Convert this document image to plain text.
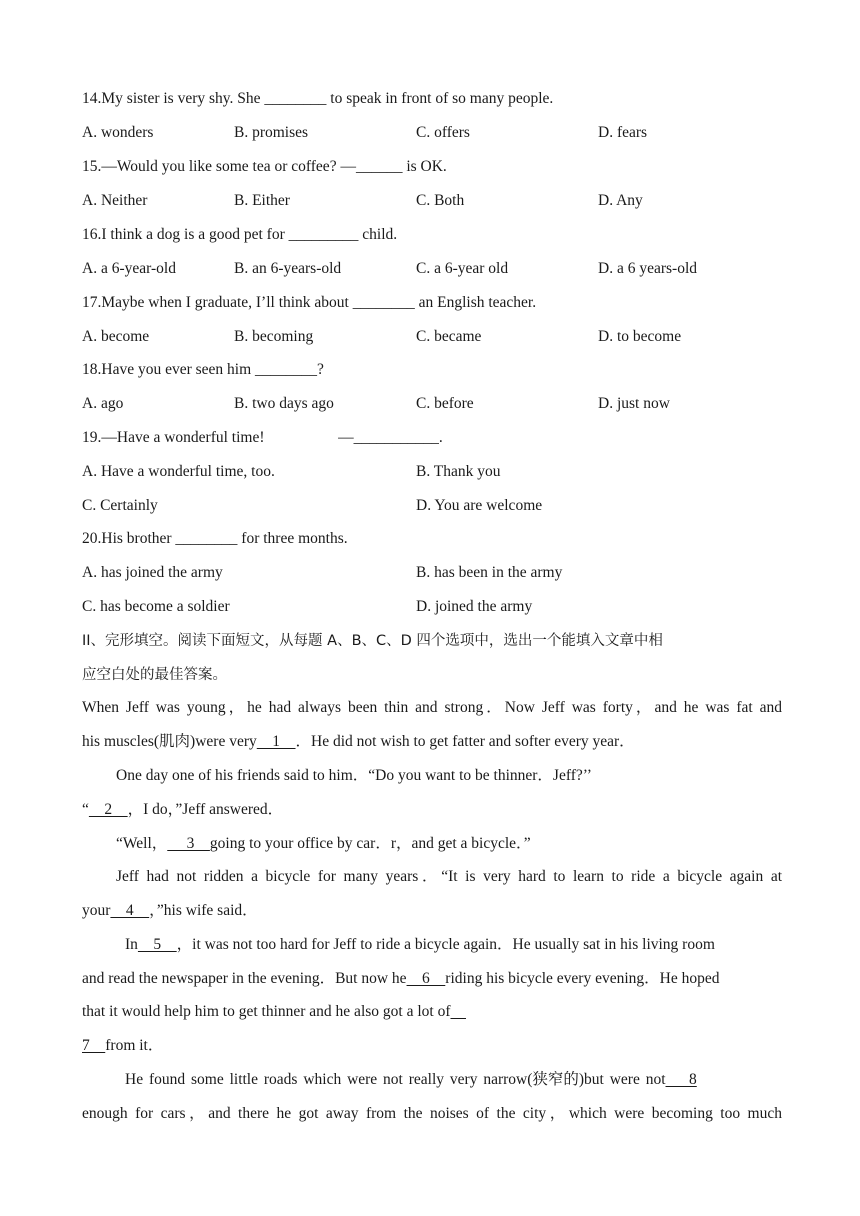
14.My sister is very shy. She ________ to speak in front of so many people.
A. wonders	B. promises	C. offers	D. fears
15.—Would you like some tea or coffee? —______ is OK.
A. Neither	B. Either	C. Both	D. Any
16.I think a dog is a good pet for _________ child.
A. a 6-year-old	B. an 6-years-old	C. a 6-year old	D. a 6 years-old
17.Maybe when I graduate, I’ll think about ________ an English teacher.
A. become	B. becoming	C. became	D. to become
18.Have you ever seen him ________?
A. ago	B. two days ago	C. before	D. just now
19.—Have a wonderful time!                   —___________.
A. Have a wonderful time, too.	B. Thank you
C. Certainly	D. You are welcome
20.His brother ________ for three months.
A. has joined the army	B. has been in the army
C. has become a soldier	D. joined the army
II、完形填空。阅读下面短文，从每题 A、B、C、D 四个选项中，选出一个能填入文章中相
应空白处的最佳答案。
When Jeff was young，he had always been thin and strong．Now Jeff was forty，and he was fat and
his muscles(肌肉)were very    1    ．He did not wish to get fatter and softer every year．
One day one of his friends said to him．“Do you want to be thinner．Jeff?’’
“    2    ，I do，”Jeff answered．
“Well，     3    going to your office by car．r，and get a bicycle．”
Jeff had not ridden a bicycle for many years．“It is very hard to learn to ride a bicycle again at
your    4    ，”his wife said．
In    5    ，it was not too hard for Jeff to ride a bicycle again．He usually sat in his living room
and read the newspaper in the evening．But now he    6    riding his bicycle every evening．He hoped
that it would help him to get thinner and he also got a lot of
7    from it．
He found some little roads which were not really very narrow(狭窄的)but were not    8
enough for cars，and there he got away from the noises of the city，which were becoming too much
